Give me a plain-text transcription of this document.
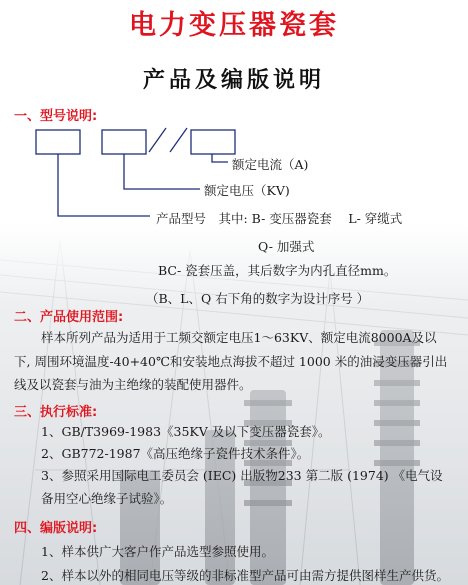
电力变压器瓷套
产品及编版说明
一、型号说明:
额定电流（A)
额定电压（KV)
产品型号　其中: B- 变压器瓷套　 L- 穿缆式
Q- 加强式
BC- 瓷套压盖，其后数字为内孔直径mm。
（B、L、Q 右下角的数字为设计序号 ）
二、产品使用范围:
样本所列产品为适用于工频交额定电压1～63KV、额定电流8000A及以
下, 周围环境温度-40+40℃和安装地点海拔不超过 1000 米的油浸变压器引出
线及以瓷套与油为主绝缘的装配使用器件。
三、执行标准:
1、GB/T3969-1983《35KV 及以下变压器瓷套》。
2、GB772-1987《高压绝缘子瓷件技术条件》。
3、参照采用国际电工委员会 (IEC) 出版物233 第二版 (1974) 《电气设
备用空心绝缘子试验》。
四、编版说明:
1、样本供广大客户作产品选型参照使用。
2、样本以外的相同电压等级的非标准型产品可由需方提供图样生产供货。
